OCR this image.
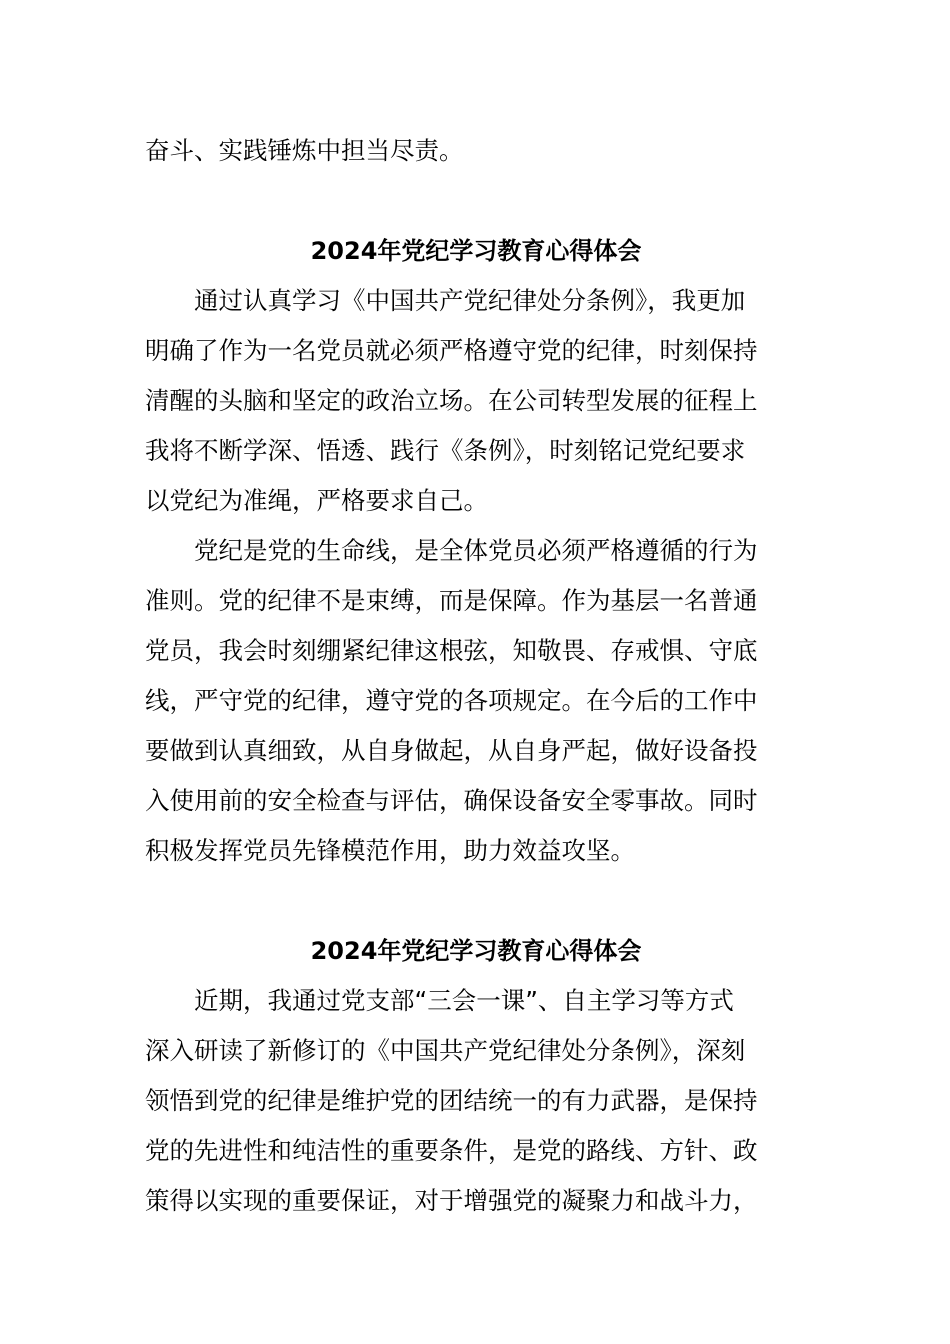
奋斗、实践锤炼中担当尽责。
2024年党纪学习教育心得体会
通过认真学习《中国共产党纪律处分条例》，我更加
明确了作为一名党员就必须严格遵守党的纪律，时刻保持
清醒的头脑和坚定的政治立场。在公司转型发展的征程上
我将不断学深、悟透、践行《条例》，时刻铭记党纪要求
以党纪为准绳，严格要求自己。
党纪是党的生命线，是全体党员必须严格遵循的行为
准则。党的纪律不是束缚，而是保障。作为基层一名普通
党员，我会时刻绷紧纪律这根弦，知敬畏、存戒惧、守底
线，严守党的纪律，遵守党的各项规定。在今后的工作中
要做到认真细致，从自身做起，从自身严起，做好设备投
入使用前的安全检查与评估，确保设备安全零事故。同时
积极发挥党员先锋模范作用，助力效益攻坚。
2024年党纪学习教育心得体会
近期，我通过党支部“三会一课”、自主学习等方式
深入研读了新修订的《中国共产党纪律处分条例》，深刻
领悟到党的纪律是维护党的团结统一的有力武器，是保持
党的先进性和纯洁性的重要条件，是党的路线、方针、政
策得以实现的重要保证，对于增强党的凝聚力和战斗力，
